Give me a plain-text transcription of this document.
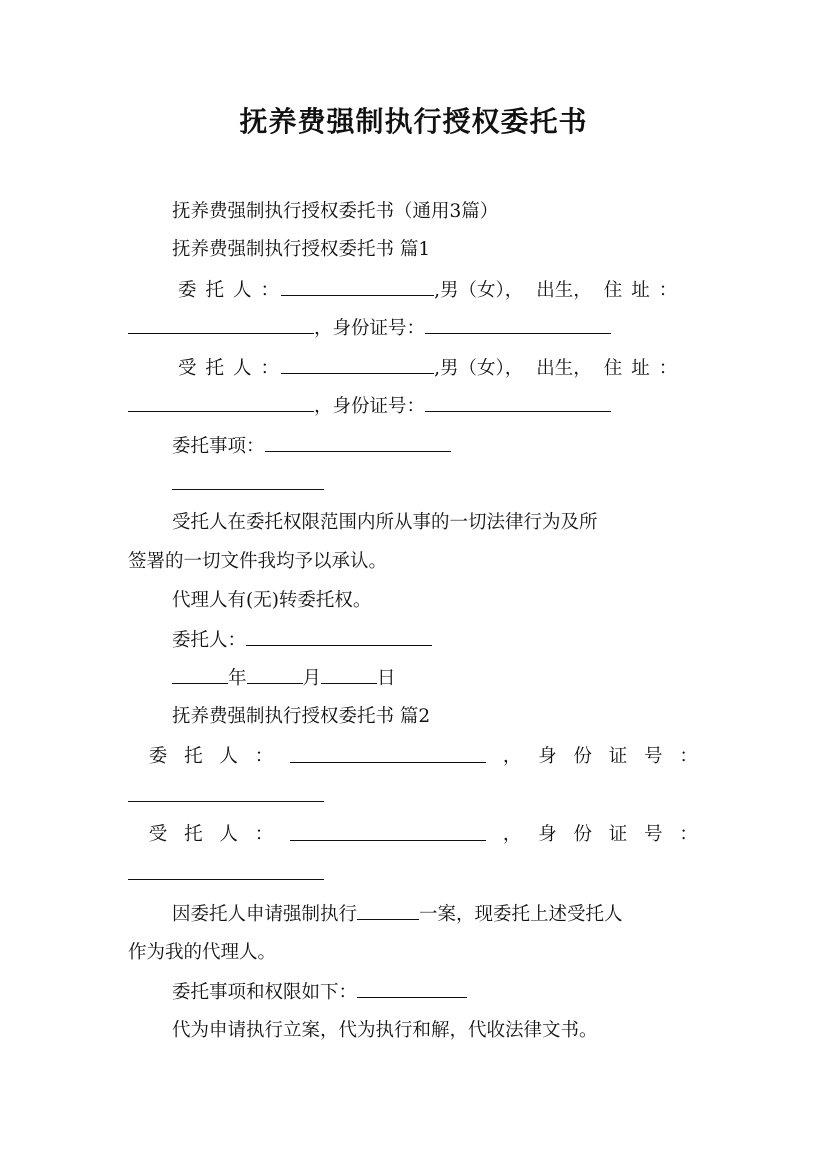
抚养费强制执行授权委托书
抚养费强制执行授权委托书（通用3篇）
抚养费强制执行授权委托书 篇1
委 托 人 ：	,男（女）， 出生， 住 址 ：
，身份证号：
受 托 人 ：	,男（女）， 出生， 住 址 ：
，身份证号：
委托事项：
受托人在委托权限范围内所从事的一切法律行为及所
签署的一切文件我均予以承认。
代理人有(无)转委托权。
委托人：
年	月	日
抚养费强制执行授权委托书 篇2
委 托 人 ：	， 身 份 证 号 ：
受 托 人 ：	， 身 份 证 号 ：
因委托人申请强制执行	一案，现委托上述受托人
作为我的代理人。
委托事项和权限如下：
代为申请执行立案，代为执行和解，代收法律文书。
